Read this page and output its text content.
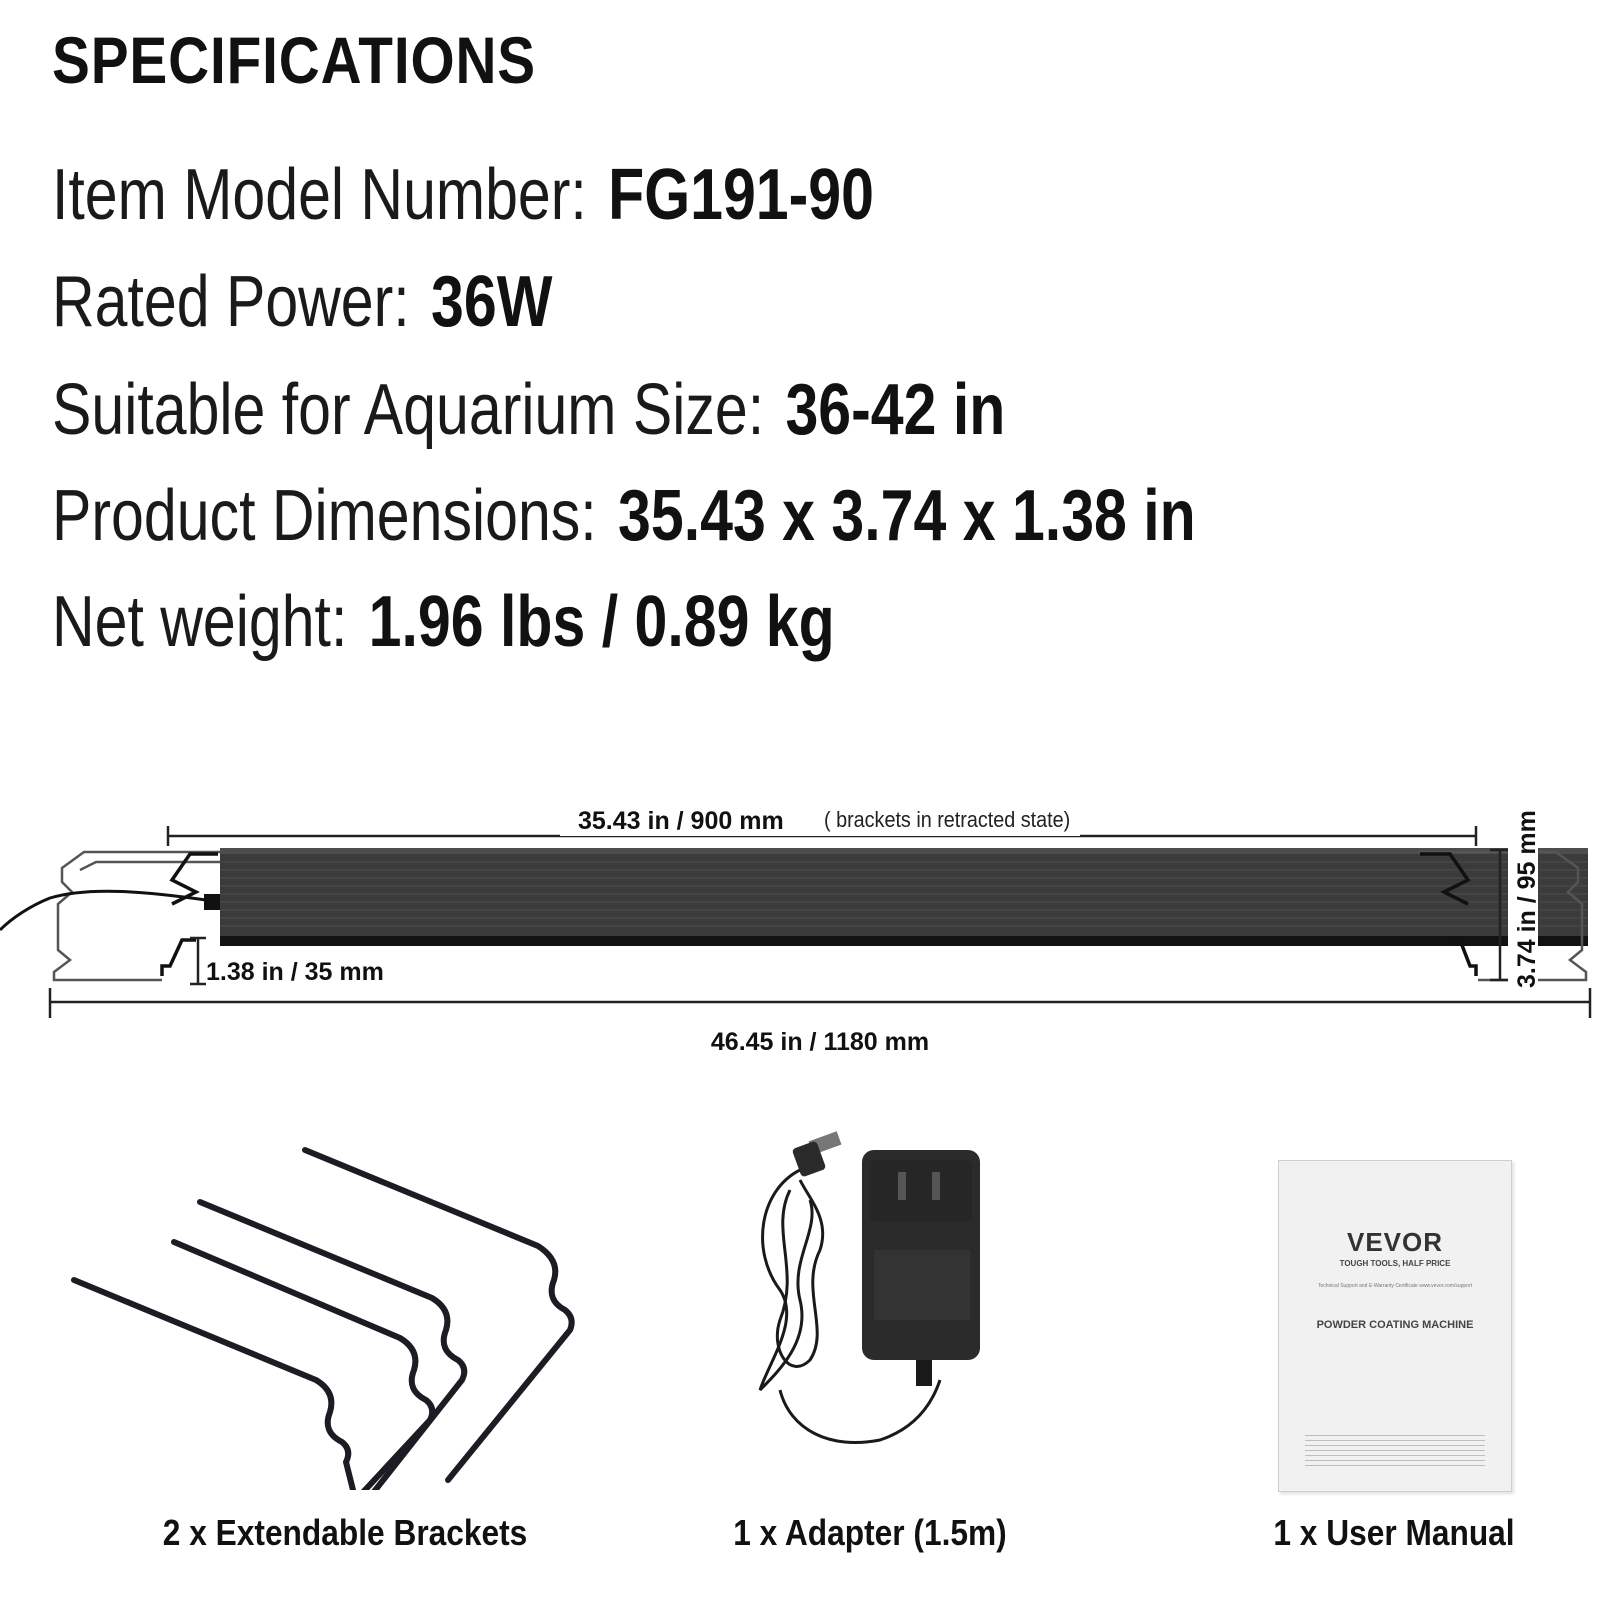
SPECIFICATIONS
Item Model Number: FG191-90
Rated Power: 36W
Suitable for Aquarium Size: 36-42 in
Product Dimensions: 35.43 x 3.74 x 1.38 in
Net weight: 1.96 lbs / 0.89 kg
35.43 in / 900 mm ( brackets in retracted state)
1.38 in / 35 mm	3.74 in / 95 mm
46.45 in / 1180 mm
2 x Extendable Brackets	1 x Adapter (1.5m)
VEVOR
TOUGH TOOLS, HALF PRICE
Technical Support and E-Warranty Certificate www.vevor.com/support
POWDER COATING MACHINE
1 x User Manual
